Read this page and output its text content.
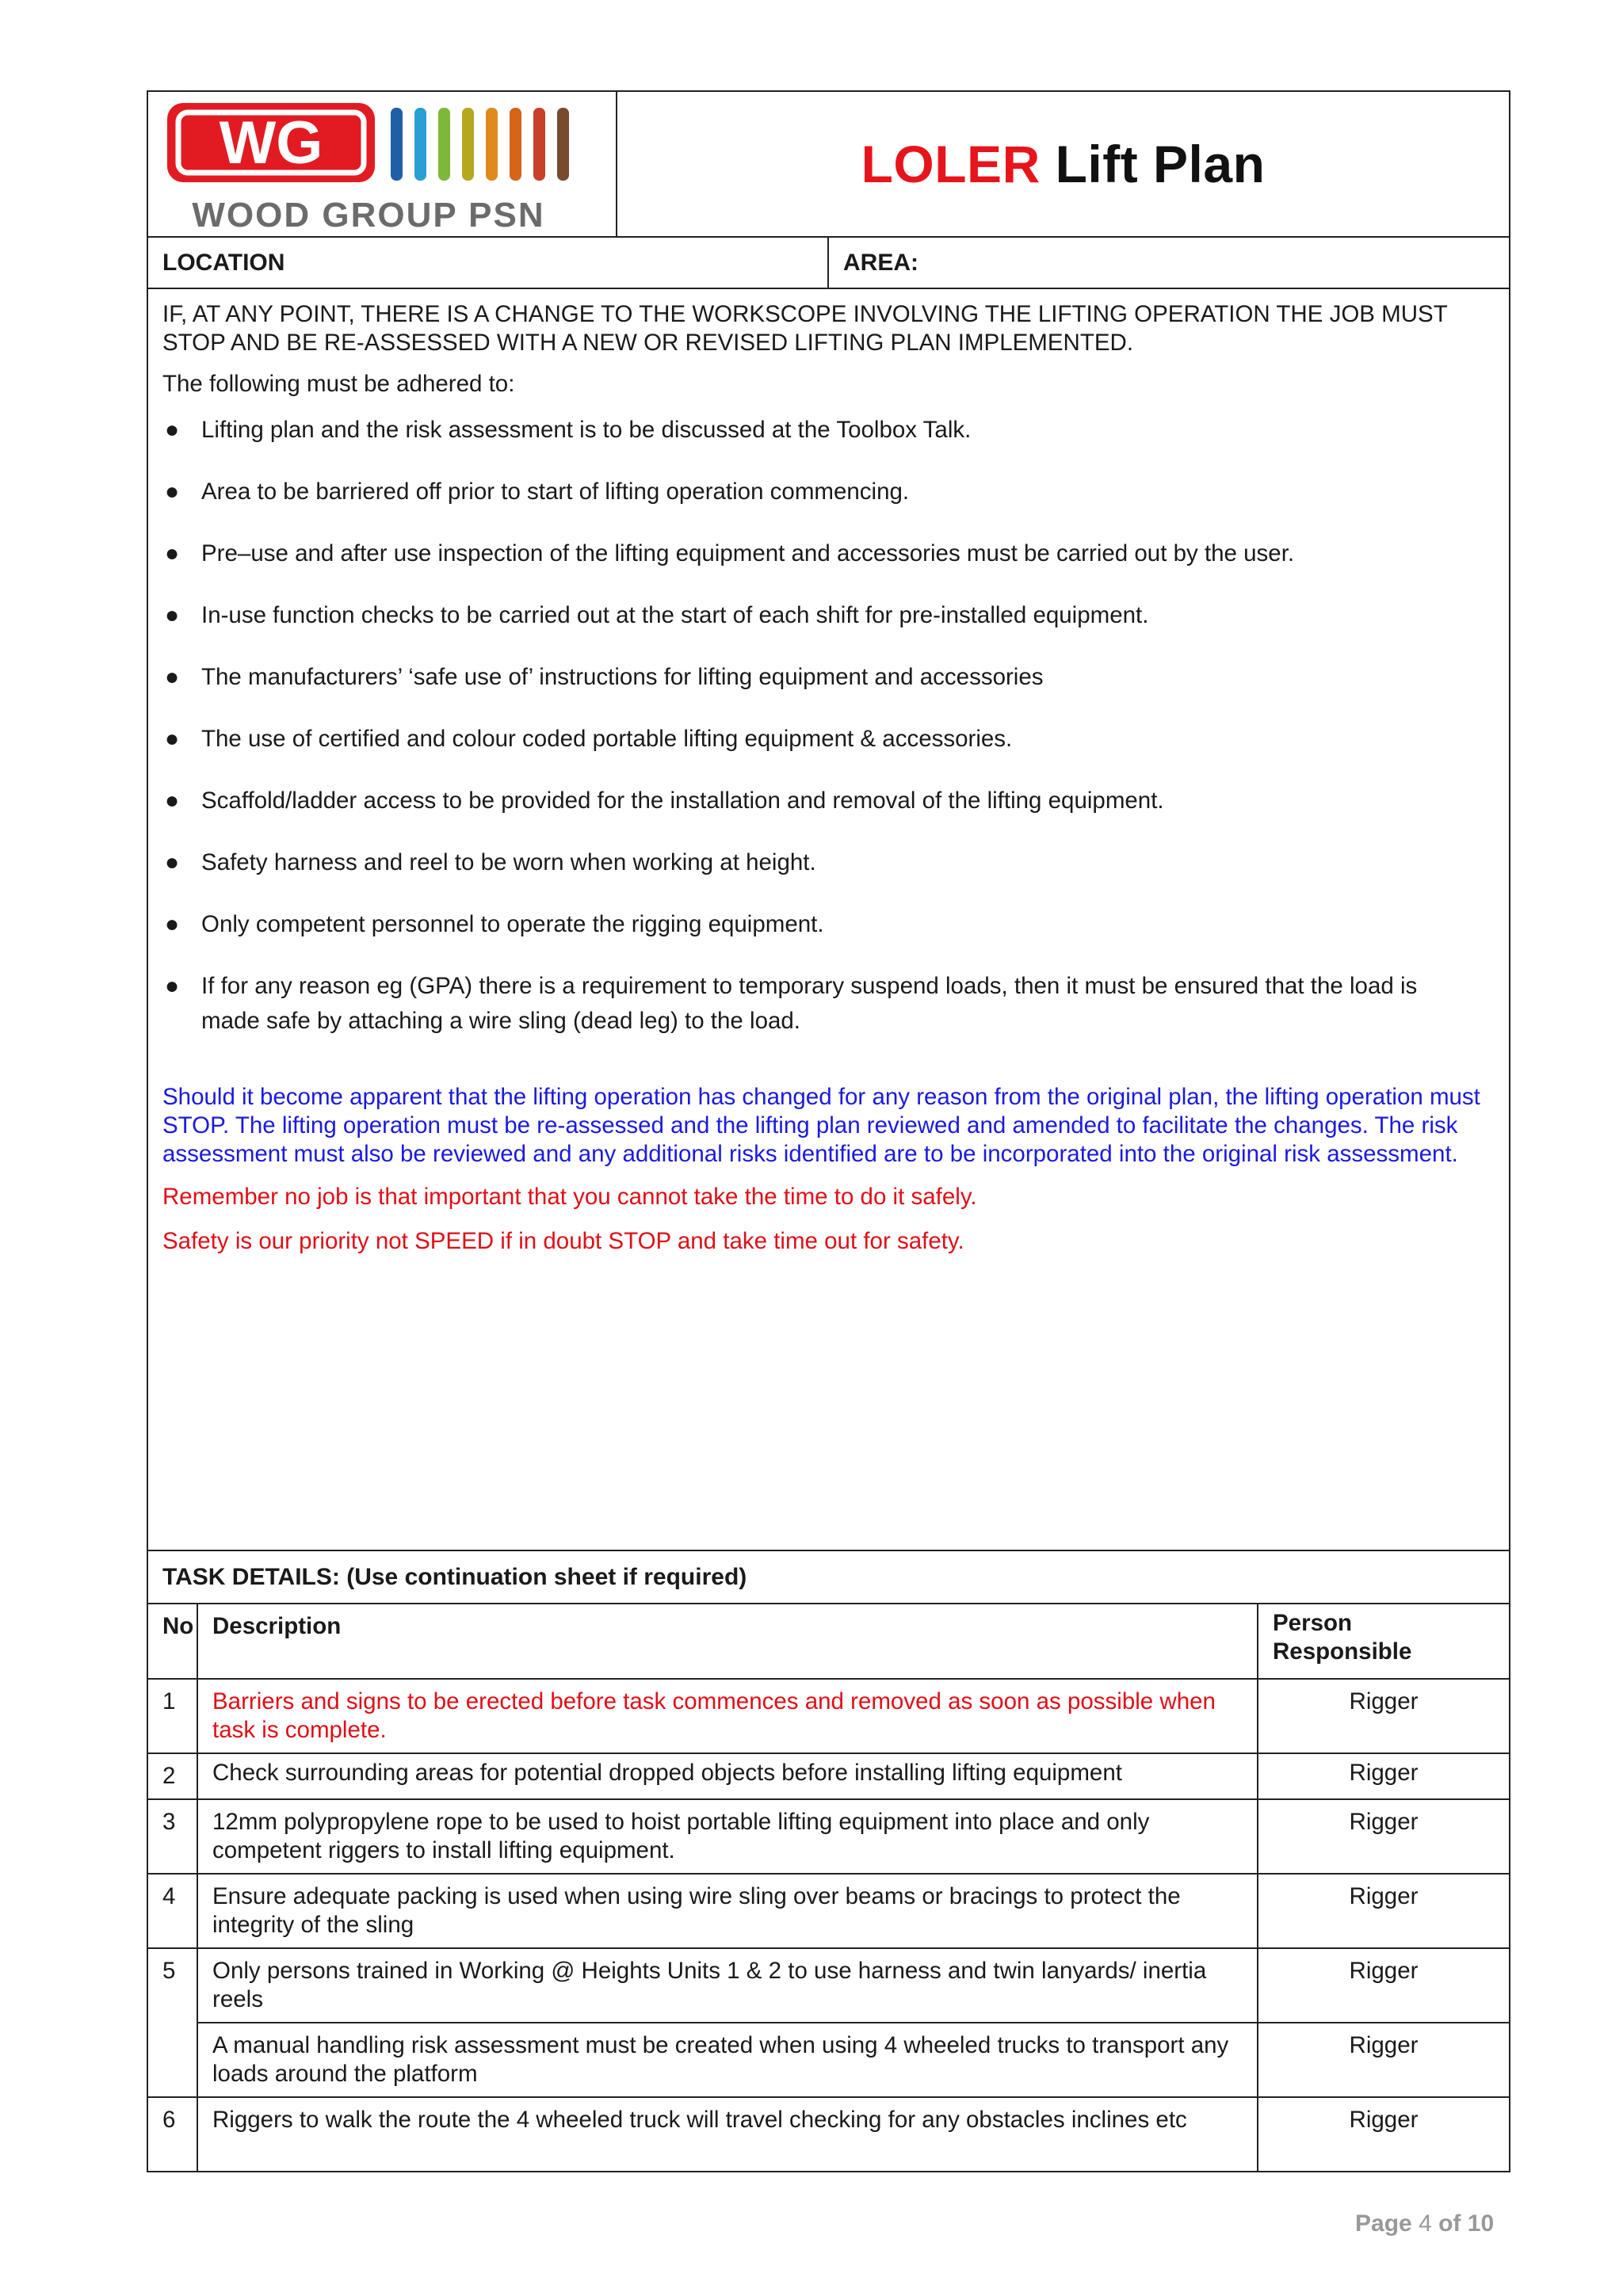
WG
WOOD GROUP PSN
LOLER Lift Plan
LOCATION	AREA:

IF, AT ANY POINT, THERE IS A CHANGE TO THE WORKSCOPE INVOLVING THE LIFTING OPERATION THE JOB MUST STOP AND BE RE-ASSESSED WITH A NEW OR REVISED LIFTING PLAN IMPLEMENTED.

The following must be adhered to:

● Lifting plan and the risk assessment is to be discussed at the Toolbox Talk.
● Area to be barriered off prior to start of lifting operation commencing.
● Pre–use and after use inspection of the lifting equipment and accessories must be carried out by the user.
● In-use function checks to be carried out at the start of each shift for pre-installed equipment.
● The manufacturers’ ‘safe use of’ instructions for lifting equipment and accessories
● The use of certified and colour coded portable lifting equipment & accessories.
● Scaffold/ladder access to be provided for the installation and removal of the lifting equipment.
● Safety harness and reel to be worn when working at height.
● Only competent personnel to operate the rigging equipment.
● If for any reason eg (GPA) there is a requirement to temporary suspend loads, then it must be ensured that the load is made safe by attaching a wire sling (dead leg) to the load.

Should it become apparent that the lifting operation has changed for any reason from the original plan, the lifting operation must STOP. The lifting operation must be re-assessed and the lifting plan reviewed and amended to facilitate the changes. The risk assessment must also be reviewed and any additional risks identified are to be incorporated into the original risk assessment.

Remember no job is that important that you cannot take the time to do it safely.

Safety is our priority not SPEED if in doubt STOP and take time out for safety.

TASK DETAILS: (Use continuation sheet if required)
No	Description	Person Responsible
1	Barriers and signs to be erected before task commences and removed as soon as possible when task is complete.	Rigger
2	Check surrounding areas for potential dropped objects before installing lifting equipment	Rigger
3	12mm polypropylene rope to be used to hoist portable lifting equipment into place and only competent riggers to install lifting equipment.	Rigger
4	Ensure adequate packing is used when using wire sling over beams or bracings to protect the integrity of the sling	Rigger
5	Only persons trained in Working @ Heights Units 1 & 2 to use harness and twin lanyards/ inertia reels	Rigger
	A manual handling risk assessment must be created when using 4 wheeled trucks to transport any loads around the platform	Rigger
6	Riggers to walk the route the 4 wheeled truck will travel checking for any obstacles inclines etc	Rigger
Page 4 of 10
